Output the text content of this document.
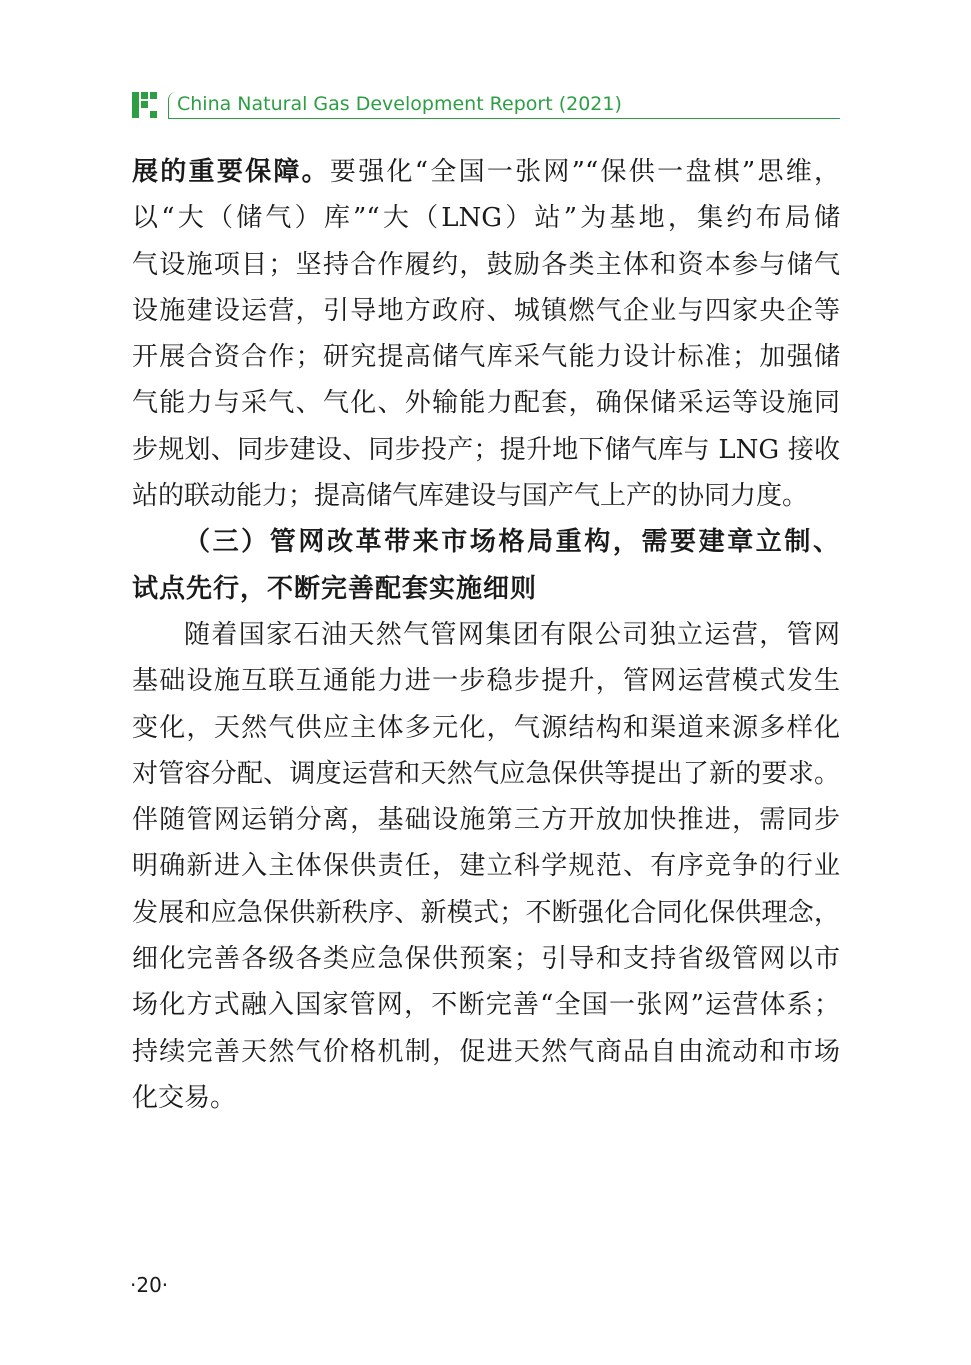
China Natural Gas Development Report (2021)
展的重要保障。要强化“全国一张网”“保供一盘棋”思维，
以“大（储气）库”“大（LNG）站”为基地，集约布局储
气设施项目；坚持合作履约，鼓励各类主体和资本参与储气
设施建设运营，引导地方政府、城镇燃气企业与四家央企等
开展合资合作；研究提高储气库采气能力设计标准；加强储
气能力与采气、气化、外输能力配套，确保储采运等设施同
步规划、同步建设、同步投产；提升地下储气库与 LNG 接收
站的联动能力；提高储气库建设与国产气上产的协同力度。
（三）管网改革带来市场格局重构，需要建章立制、
试点先行，不断完善配套实施细则
随着国家石油天然气管网集团有限公司独立运营，管网
基础设施互联互通能力进一步稳步提升，管网运营模式发生
变化，天然气供应主体多元化，气源结构和渠道来源多样化
对管容分配、调度运营和天然气应急保供等提出了新的要求。
伴随管网运销分离，基础设施第三方开放加快推进，需同步
明确新进入主体保供责任，建立科学规范、有序竞争的行业
发展和应急保供新秩序、新模式；不断强化合同化保供理念，
细化完善各级各类应急保供预案；引导和支持省级管网以市
场化方式融入国家管网，不断完善“全国一张网”运营体系；
持续完善天然气价格机制，促进天然气商品自由流动和市场
化交易。
·20·
